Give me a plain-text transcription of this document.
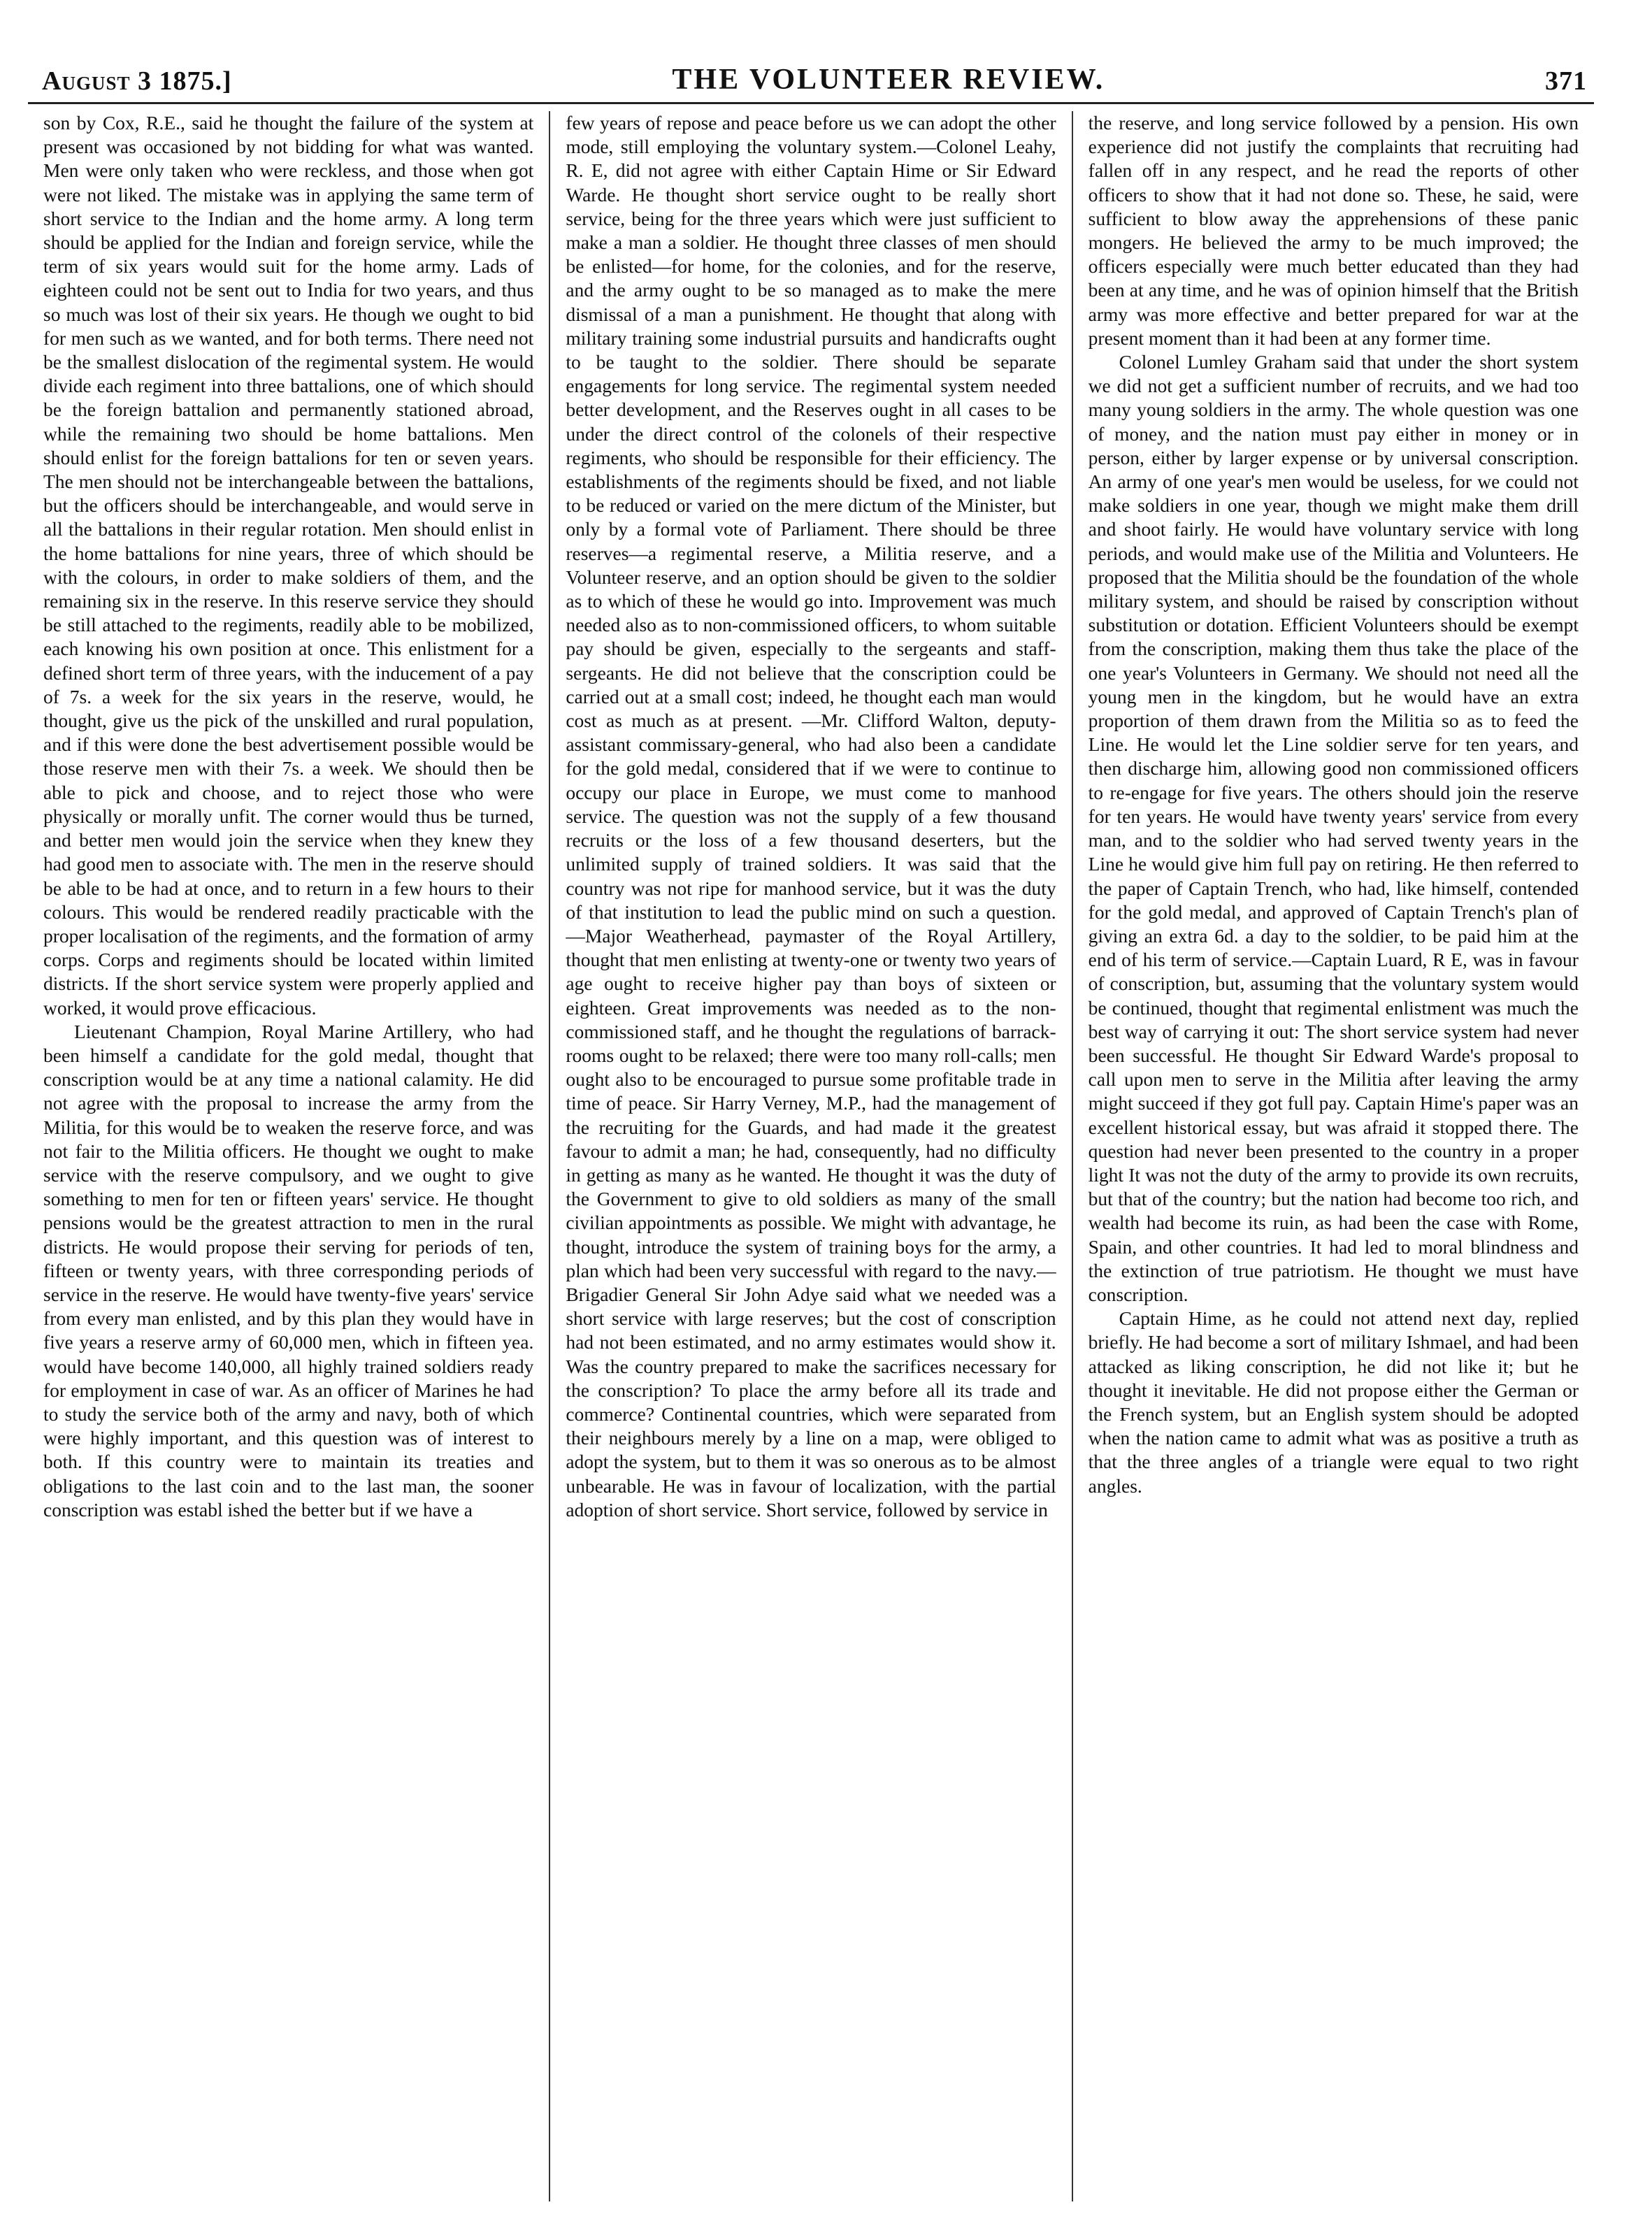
August 3 1875.]	THE VOLUNTEER REVIEW.	371

son by Cox, R.E., said he thought the failure of the system at present was occasioned by not bidding for what was wanted. Men were only taken who were reckless, and those when got were not liked. The mistake was in applying the same term of short service to the Indian and the home army. A long term should be applied for the Indian and foreign service, while the term of six years would suit for the home army. Lads of eighteen could not be sent out to India for two years, and thus so much was lost of their six years. He though we ought to bid for men such as we wanted, and for both terms. There need not be the smallest dislocation of the regimental system. He would divide each regiment into three battalions, one of which should be the foreign battalion and permanently stationed abroad, while the remaining two should be home battalions. Men should enlist for the foreign battalions for ten or seven years. The men should not be interchangeable between the battalions, but the officers should be interchangeable, and would serve in all the battalions in their regular rotation. Men should enlist in the home battalions for nine years, three of which should be with the colours, in order to make soldiers of them, and the remaining six in the reserve. In this reserve service they should be still attached to the regiments, readily able to be mobilized, each knowing his own position at once. This enlistment for a defined short term of three years, with the inducement of a pay of 7s. a week for the six years in the reserve, would, he thought, give us the pick of the unskilled and rural population, and if this were done the best advertisement possible would be those reserve men with their 7s. a week. We should then be able to pick and choose, and to reject those who were physically or morally unfit. The corner would thus be turned, and better men would join the service when they knew they had good men to associate with. The men in the reserve should be able to be had at once, and to return in a few hours to their colours. This would be rendered readily practicable with the proper localisation of the regiments, and the formation of army corps. Corps and regiments should be located within limited districts. If the short service system were properly applied and worked, it would prove efficacious.

Lieutenant Champion, Royal Marine Artillery, who had been himself a candidate for the gold medal, thought that conscription would be at any time a national calamity. He did not agree with the proposal to increase the army from the Militia, for this would be to weaken the reserve force, and was not fair to the Militia officers. He thought we ought to make service with the reserve compulsory, and we ought to give something to men for ten or fifteen years' service. He thought pensions would be the greatest attraction to men in the rural districts. He would propose their serving for periods of ten, fifteen or twenty years, with three corresponding periods of service in the reserve. He would have twenty-five years' service from every man enlisted, and by this plan they would have in five years a reserve army of 60,000 men, which in fifteen yea. would have become 140,000, all highly trained soldiers ready for employment in case of war. As an officer of Marines he had to study the service both of the army and navy, both of which were highly important, and this question was of interest to both. If this country were to maintain its treaties and obligations to the last coin and to the last man, the sooner conscription was establ ished the better but if we have a

few years of repose and peace before us we can adopt the other mode, still employing the voluntary system.—Colonel Leahy, R. E, did not agree with either Captain Hime or Sir Edward Warde. He thought short service ought to be really short service, being for the three years which were just sufficient to make a man a soldier. He thought three classes of men should be enlisted—for home, for the colonies, and for the reserve, and the army ought to be so managed as to make the mere dismissal of a man a punishment. He thought that along with military training some industrial pursuits and handicrafts ought to be taught to the soldier. There should be separate engagements for long service. The regimental system needed better development, and the Reserves ought in all cases to be under the direct control of the colonels of their respective regiments, who should be responsible for their efficiency. The establishments of the regiments should be fixed, and not liable to be reduced or varied on the mere dictum of the Minister, but only by a formal vote of Parliament. There should be three reserves—a regimental reserve, a Militia reserve, and a Volunteer reserve, and an option should be given to the soldier as to which of these he would go into. Improvement was much needed also as to non-commissioned officers, to whom suitable pay should be given, especially to the sergeants and staff-sergeants. He did not believe that the conscription could be carried out at a small cost; indeed, he thought each man would cost as much as at present. —Mr. Clifford Walton, deputy-assistant commissary-general, who had also been a candidate for the gold medal, considered that if we were to continue to occupy our place in Europe, we must come to manhood service. The question was not the supply of a few thousand recruits or the loss of a few thousand deserters, but the unlimited supply of trained soldiers. It was said that the country was not ripe for manhood service, but it was the duty of that institution to lead the public mind on such a question. —Major Weatherhead, paymaster of the Royal Artillery, thought that men enlisting at twenty-one or twenty two years of age ought to receive higher pay than boys of sixteen or eighteen. Great improvements was needed as to the non-commissioned staff, and he thought the regulations of barrack-rooms ought to be relaxed; there were too many roll-calls; men ought also to be encouraged to pursue some profitable trade in time of peace. Sir Harry Verney, M.P., had the management of the recruiting for the Guards, and had made it the greatest favour to admit a man; he had, consequently, had no difficulty in getting as many as he wanted. He thought it was the duty of the Government to give to old soldiers as many of the small civilian appointments as possible. We might with advantage, he thought, introduce the system of training boys for the army, a plan which had been very successful with regard to the navy.—Brigadier General Sir John Adye said what we needed was a short service with large reserves; but the cost of conscription had not been estimated, and no army estimates would show it. Was the country prepared to make the sacrifices necessary for the conscription? To place the army before all its trade and commerce? Continental countries, which were separated from their neighbours merely by a line on a map, were obliged to adopt the system, but to them it was so onerous as to be almost unbearable. He was in favour of localization, with the partial adoption of short service. Short service, followed by service in

the reserve, and long service followed by a pension. His own experience did not justify the complaints that recruiting had fallen off in any respect, and he read the reports of other officers to show that it had not done so. These, he said, were sufficient to blow away the apprehensions of these panic mongers. He believed the army to be much improved; the officers especially were much better educated than they had been at any time, and he was of opinion himself that the British army was more effective and better prepared for war at the present moment than it had been at any former time.

Colonel Lumley Graham said that under the short system we did not get a sufficient number of recruits, and we had too many young soldiers in the army. The whole question was one of money, and the nation must pay either in money or in person, either by larger expense or by universal conscription. An army of one year's men would be useless, for we could not make soldiers in one year, though we might make them drill and shoot fairly. He would have voluntary service with long periods, and would make use of the Militia and Volunteers. He proposed that the Militia should be the foundation of the whole military system, and should be raised by conscription without substitution or dotation. Efficient Volunteers should be exempt from the conscription, making them thus take the place of the one year's Volunteers in Germany. We should not need all the young men in the kingdom, but he would have an extra proportion of them drawn from the Militia so as to feed the Line. He would let the Line soldier serve for ten years, and then discharge him, allowing good non commissioned officers to re-engage for five years. The others should join the reserve for ten years. He would have twenty years' service from every man, and to the soldier who had served twenty years in the Line he would give him full pay on retiring. He then referred to the paper of Captain Trench, who had, like himself, contended for the gold medal, and approved of Captain Trench's plan of giving an extra 6d. a day to the soldier, to be paid him at the end of his term of service.—Captain Luard, R E, was in favour of conscription, but, assuming that the voluntary system would be continued, thought that regimental enlistment was much the best way of carrying it out: The short service system had never been successful. He thought Sir Edward Warde's proposal to call upon men to serve in the Militia after leaving the army might succeed if they got full pay. Captain Hime's paper was an excellent historical essay, but was afraid it stopped there. The question had never been presented to the country in a proper light It was not the duty of the army to provide its own recruits, but that of the country; but the nation had become too rich, and wealth had become its ruin, as had been the case with Rome, Spain, and other countries. It had led to moral blindness and the extinction of true patriotism. He thought we must have conscription.

Captain Hime, as he could not attend next day, replied briefly. He had become a sort of military Ishmael, and had been attacked as liking conscription, he did not like it; but he thought it inevitable. He did not propose either the German or the French system, but an English system should be adopted when the nation came to admit what was as positive a truth as that the three angles of a triangle were equal to two right angles.
